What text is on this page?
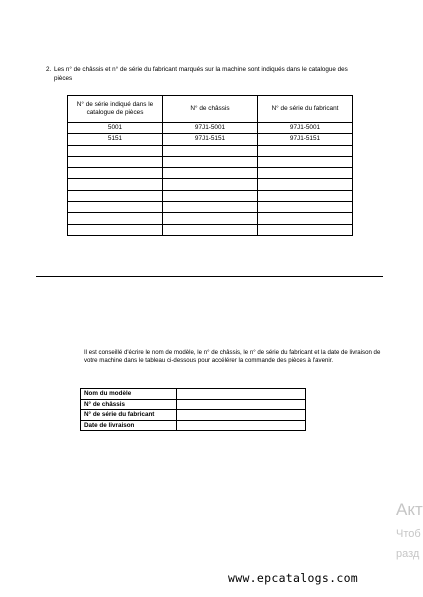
2. Les n° de châssis et n° de série du fabricant marqués sur la machine sont indiqués dans le catalogue des pièces
N° de série indiqué dans le catalogue de pièces	N° de châssis	N° de série du fabricant
5001	97J1-5001	97J1-5001
5151	97J1-5151	97J1-5151

Il est conseillé d'écrire le nom de modèle, le n° de châssis, le n° de série du fabricant et la date de livraison de votre machine dans le tableau ci-dessous pour accélérer la commande des pièces à l'avenir.
Nom du modèle	
N° de châssis	
N° de série du fabricant	
Date de livraison	
Акт
Чтоб
разд
www.epcatalogs.com
